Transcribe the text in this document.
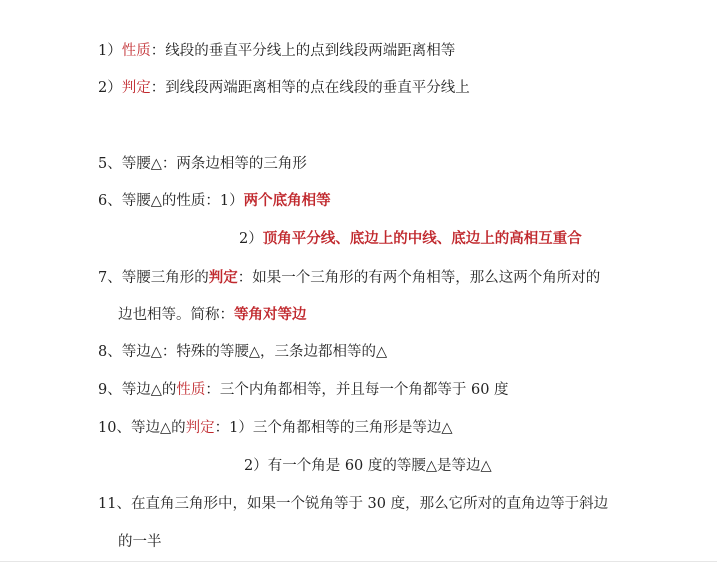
1）性质：线段的垂直平分线上的点到线段两端距离相等
2）判定：到线段两端距离相等的点在线段的垂直平分线上
5、等腰△：两条边相等的三角形
6、等腰△的性质：1）两个底角相等
2）顶角平分线、底边上的中线、底边上的高相互重合
7、等腰三角形的判定：如果一个三角形的有两个角相等，那么这两个角所对的
边也相等。简称：等角对等边
8、等边△：特殊的等腰△，三条边都相等的△
9、等边△的性质：三个内角都相等，并且每一个角都等于 60 度
10、等边△的判定：1）三个角都相等的三角形是等边△
2）有一个角是 60 度的等腰△是等边△
11、在直角三角形中，如果一个锐角等于 30 度，那么它所对的直角边等于斜边
的一半
